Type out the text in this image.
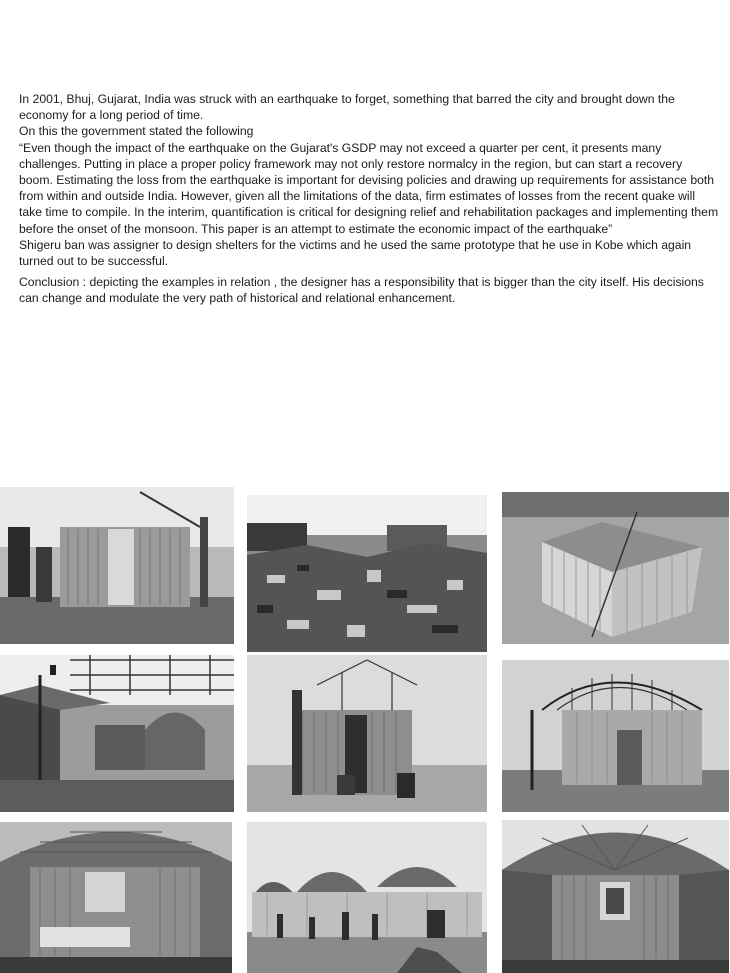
In 2001, Bhuj, Gujarat, India was struck with an earthquake to forget, something that barred the city and brought down the economy for a long period of time.

On this the government stated the following

“Even though the impact of the earthquake on the Gujarat's GSDP may not exceed a quarter per cent, it presents many challenges. Putting in place a proper policy framework may not only restore normalcy in the region, but can start a recovery boom. Estimating the loss from the earthquake is important for devising policies and drawing up requirements for assistance both from within and outside India. However, given all the limitations of the data, firm estimates of losses from the recent quake will take time to compile. In the interim, quantification is critical for designing relief and rehabilitation packages and implementing them before the onset of the monsoon. This paper is an attempt to estimate the economic impact of the earthquake”

Shigeru ban was assigner to design shelters for the victims and he used the same prototype that he use in Kobe which again turned out to be successful.

Conclusion : depicting the examples in relation , the designer has a responsibility that is bigger than the city itself. His decisions can change and modulate the very path of historical and relational enhancement.
